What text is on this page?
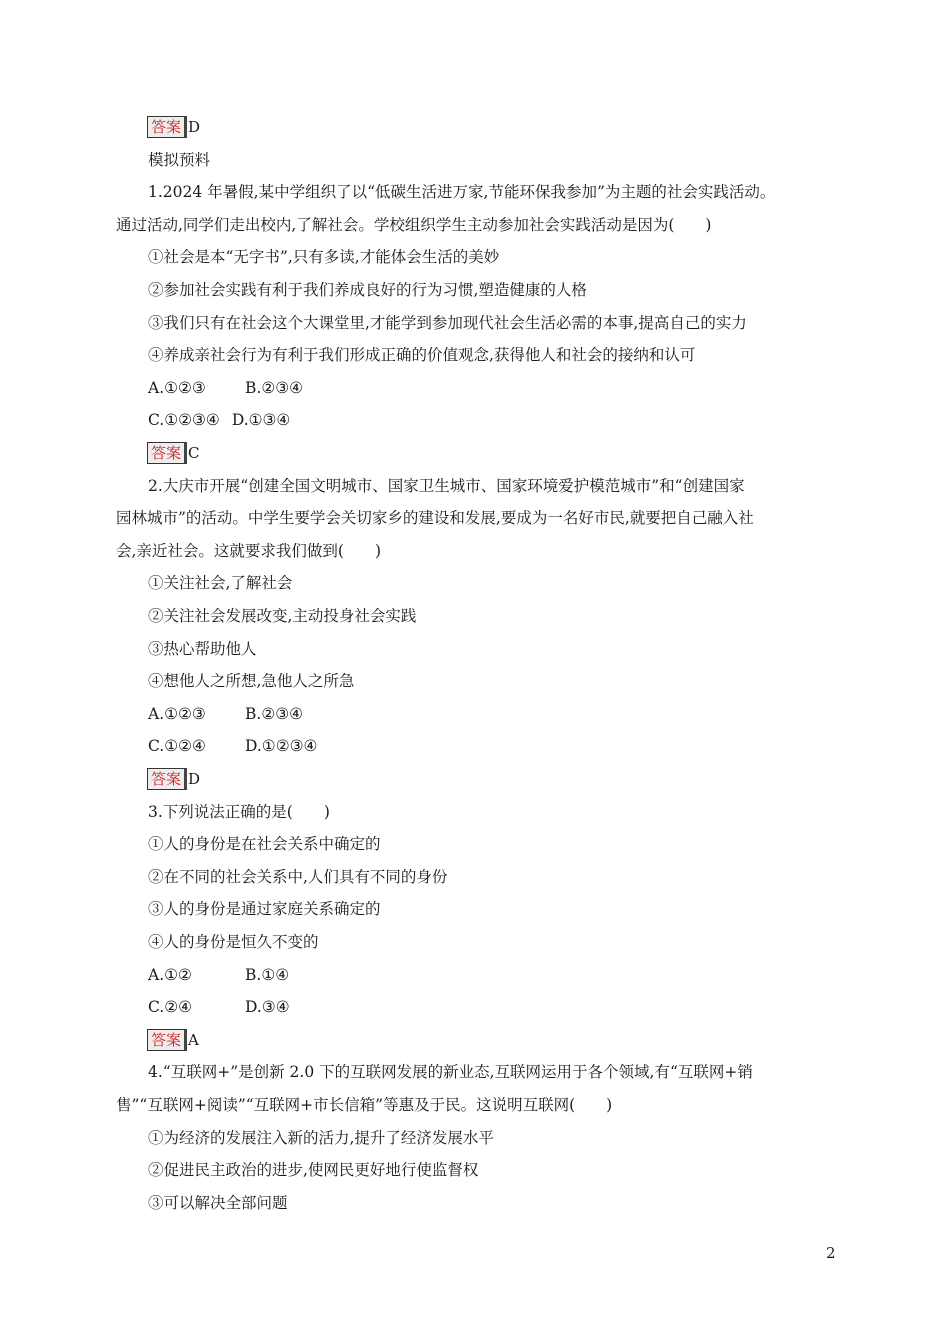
答案 D
模拟预料
1.2024 年暑假,某中学组织了以“低碳生活进万家,节能环保我参加”为主题的社会实践活动。
通过活动,同学们走出校内,了解社会。学校组织学生主动参加社会实践活动是因为(　　)
①社会是本“无字书”,只有多读,才能体会生活的美妙
②参加社会实践有利于我们养成良好的行为习惯,塑造健康的人格
③我们只有在社会这个大课堂里,才能学到参加现代社会生活必需的本事,提高自己的实力
④养成亲社会行为有利于我们形成正确的价值观念,获得他人和社会的接纳和认可
A.①②③	B.②③④
C.①②③④ D.①③④
答案 C
2.大庆市开展“创建全国文明城市、国家卫生城市、国家环境爱护模范城市”和“创建国家
园林城市”的活动。中学生要学会关切家乡的建设和发展,要成为一名好市民,就要把自己融入社
会,亲近社会。这就要求我们做到(　　)
①关注社会,了解社会
②关注社会发展改变,主动投身社会实践
③热心帮助他人
④想他人之所想,急他人之所急
A.①②③	B.②③④
C.①②④	D.①②③④
答案 D
3.下列说法正确的是(　　)
①人的身份是在社会关系中确定的
②在不同的社会关系中,人们具有不同的身份
③人的身份是通过家庭关系确定的
④人的身份是恒久不变的
A.①②	B.①④
C.②④	D.③④
答案 A
4.“互联网+”是创新 2.0 下的互联网发展的新业态,互联网运用于各个领域,有“互联网+销
售”“互联网+阅读”“互联网+市长信箱”等惠及于民。这说明互联网(　　)
①为经济的发展注入新的活力,提升了经济发展水平
②促进民主政治的进步,使网民更好地行使监督权
③可以解决全部问题
2
